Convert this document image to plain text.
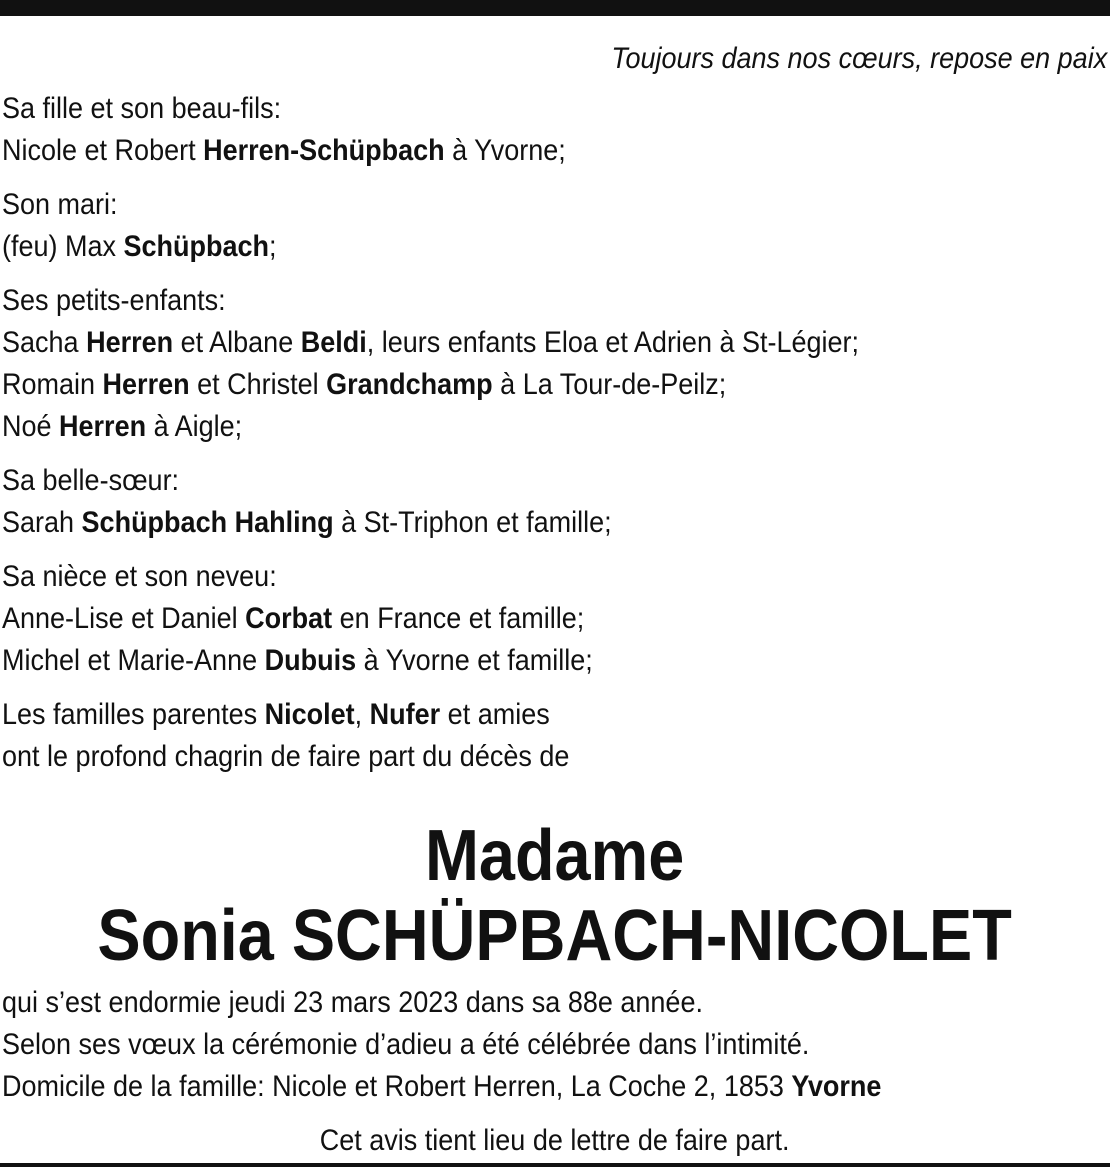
Toujours dans nos cœurs, repose en paix
Sa fille et son beau-fils:
Nicole et Robert Herren-Schüpbach à Yvorne;
Son mari:
(feu) Max Schüpbach;
Ses petits-enfants:
Sacha Herren et Albane Beldi, leurs enfants Eloa et Adrien à St-Légier;
Romain Herren et Christel Grandchamp à La Tour-de-Peilz;
Noé Herren à Aigle;
Sa belle-sœur:
Sarah Schüpbach Hahling à St-Triphon et famille;
Sa nièce et son neveu:
Anne-Lise et Daniel Corbat en France et famille;
Michel et Marie-Anne Dubuis à Yvorne et famille;
Les familles parentes Nicolet, Nufer et amies
ont le profond chagrin de faire part du décès de
Madame
Sonia SCHÜPBACH-NICOLET
qui s’est endormie jeudi 23 mars 2023 dans sa 88e année.
Selon ses vœux la cérémonie d’adieu a été célébrée dans l’intimité.
Domicile de la famille: Nicole et Robert Herren, La Coche 2, 1853 Yvorne
Cet avis tient lieu de lettre de faire part.
